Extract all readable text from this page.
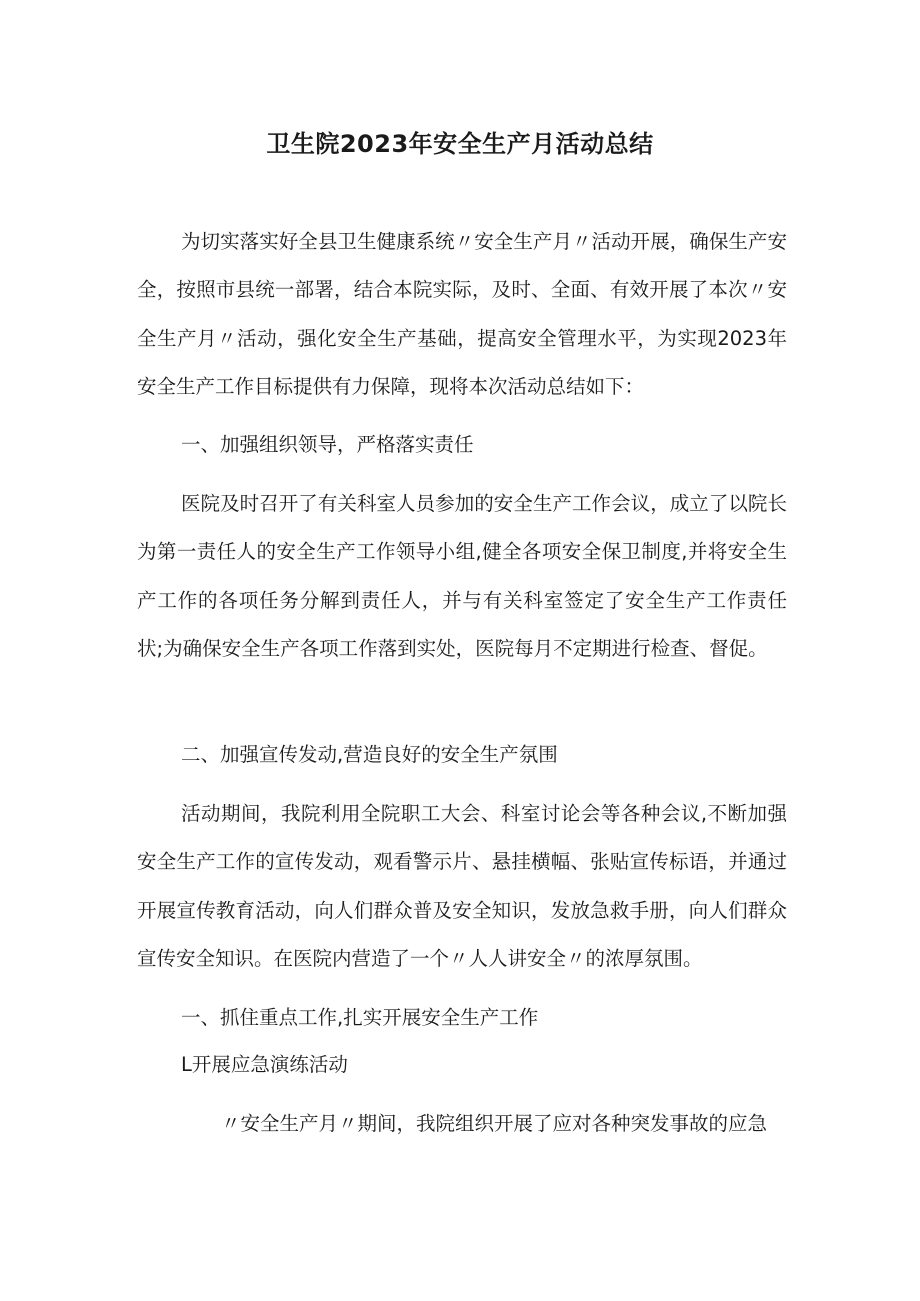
卫生院2023年安全生产月活动总结
为切实落实好全县卫生健康系统〃安全生产月〃活动开展，确保生产安全，按照市县统一部署，结合本院实际，及时、全面、有效开展了本次〃安全生产月〃活动，强化安全生产基础，提高安全管理水平，为实现2023年安全生产工作目标提供有力保障，现将本次活动总结如下：
一、加强组织领导，严格落实责任
医院及时召开了有关科室人员参加的安全生产工作会议，成立了以院长为第一责任人的安全生产工作领导小组,健全各项安全保卫制度,并将安全生产工作的各项任务分解到责任人，并与有关科室签定了安全生产工作责任状;为确保安全生产各项工作落到实处，医院每月不定期进行检查、督促。
二、加强宣传发动,营造良好的安全生产氛围
活动期间，我院利用全院职工大会、科室讨论会等各种会议,不断加强安全生产工作的宣传发动，观看警示片、悬挂横幅、张贴宣传标语，并通过开展宣传教育活动，向人们群众普及安全知识，发放急救手册，向人们群众宣传安全知识。在医院内营造了一个〃人人讲安全〃的浓厚氛围。
一、抓住重点工作,扎实开展安全生产工作
L开展应急演练活动
〃安全生产月〃期间，我院组织开展了应对各种突发事故的应急
